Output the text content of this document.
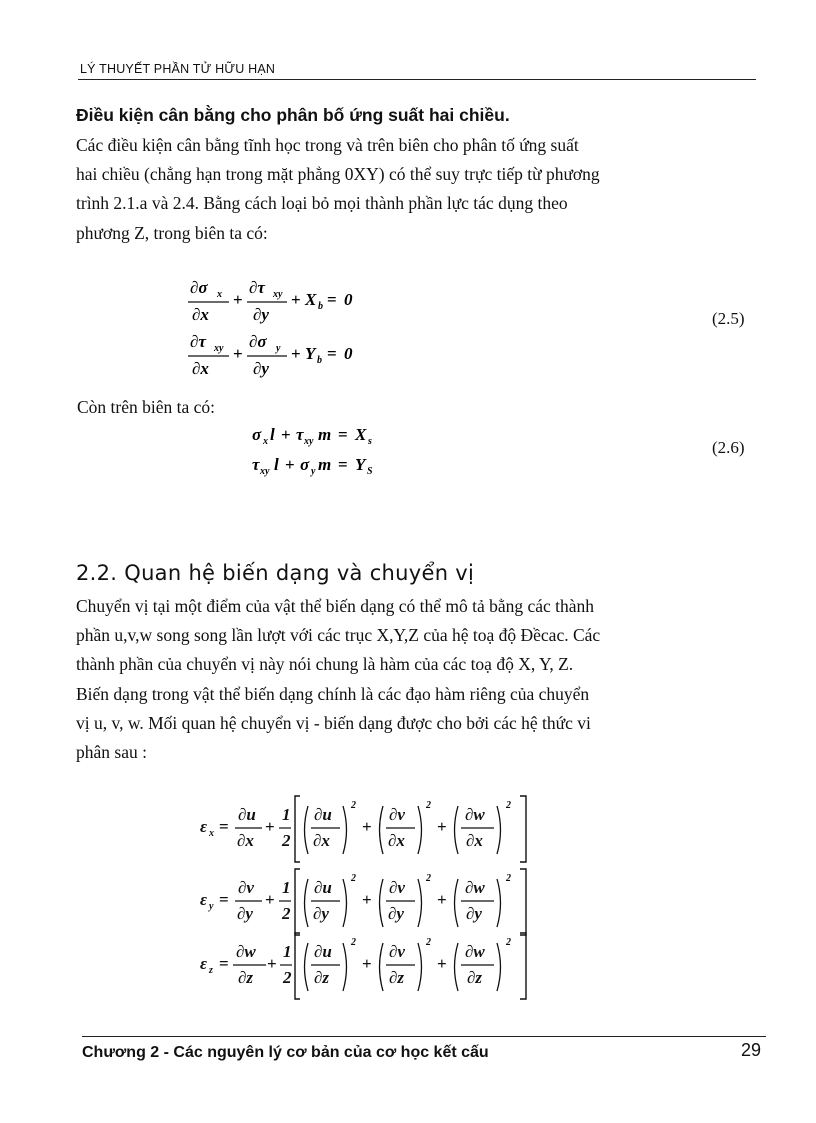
LÝ THUYẾT PHẦN TỬ HỮU HẠN
Điều kiện cân bằng cho phân bố ứng suất hai chiều.
Các điều kiện cân bằng tĩnh học trong và trên biên cho phân tố ứng suất
hai chiều (chẳng hạn trong mặt phẳng 0XY) có thể suy trực tiếp từ phương
trình 2.1.a và 2.4. Bằng cách loại bỏ mọi thành phần lực tác dụng theo
phương Z, trong biên ta có:
∂σ x
∂x
+
∂τ xy
∂y
+ X b = 0
∂τ xy
∂x
+
∂σ y
∂y
+ Y b = 0
(2.5)
Còn trên biên ta có:
σ x l + τ xy m = X s
τ xy l + σ y m = Y S
(2.6)
2.2. Quan hệ biến dạng và chuyển vị
Chuyển vị tại một điểm của vật thể biến dạng có thể mô tả bằng các thành
phần u,v,w song song lần lượt với các trục X,Y,Z của hệ toạ độ Đềcac. Các
thành phần của chuyển vị này nói chung là hàm của các toạ độ X, Y, Z.
Biến dạng trong vật thể biến dạng chính là các đạo hàm riêng của chuyển
vị u, v, w. Mối quan hệ chuyển vị - biến dạng được cho bởi các hệ thức vi
phân sau :
ε x =
∂u
∂x
+
1
2
∂u
∂x
2
+
∂v
∂x
2
+
∂w
∂x
2
ε y =
∂v
∂y
+
1
2
∂u
∂y
2
+
∂v
∂y
2
+
∂w
∂y
2
ε z =
∂w
∂z
+
1
2
∂u
∂z
2
+
∂v
∂z
2
+
∂w
∂z
2
Chương 2 - Các nguyên lý cơ bản của cơ học kết cấu	29
